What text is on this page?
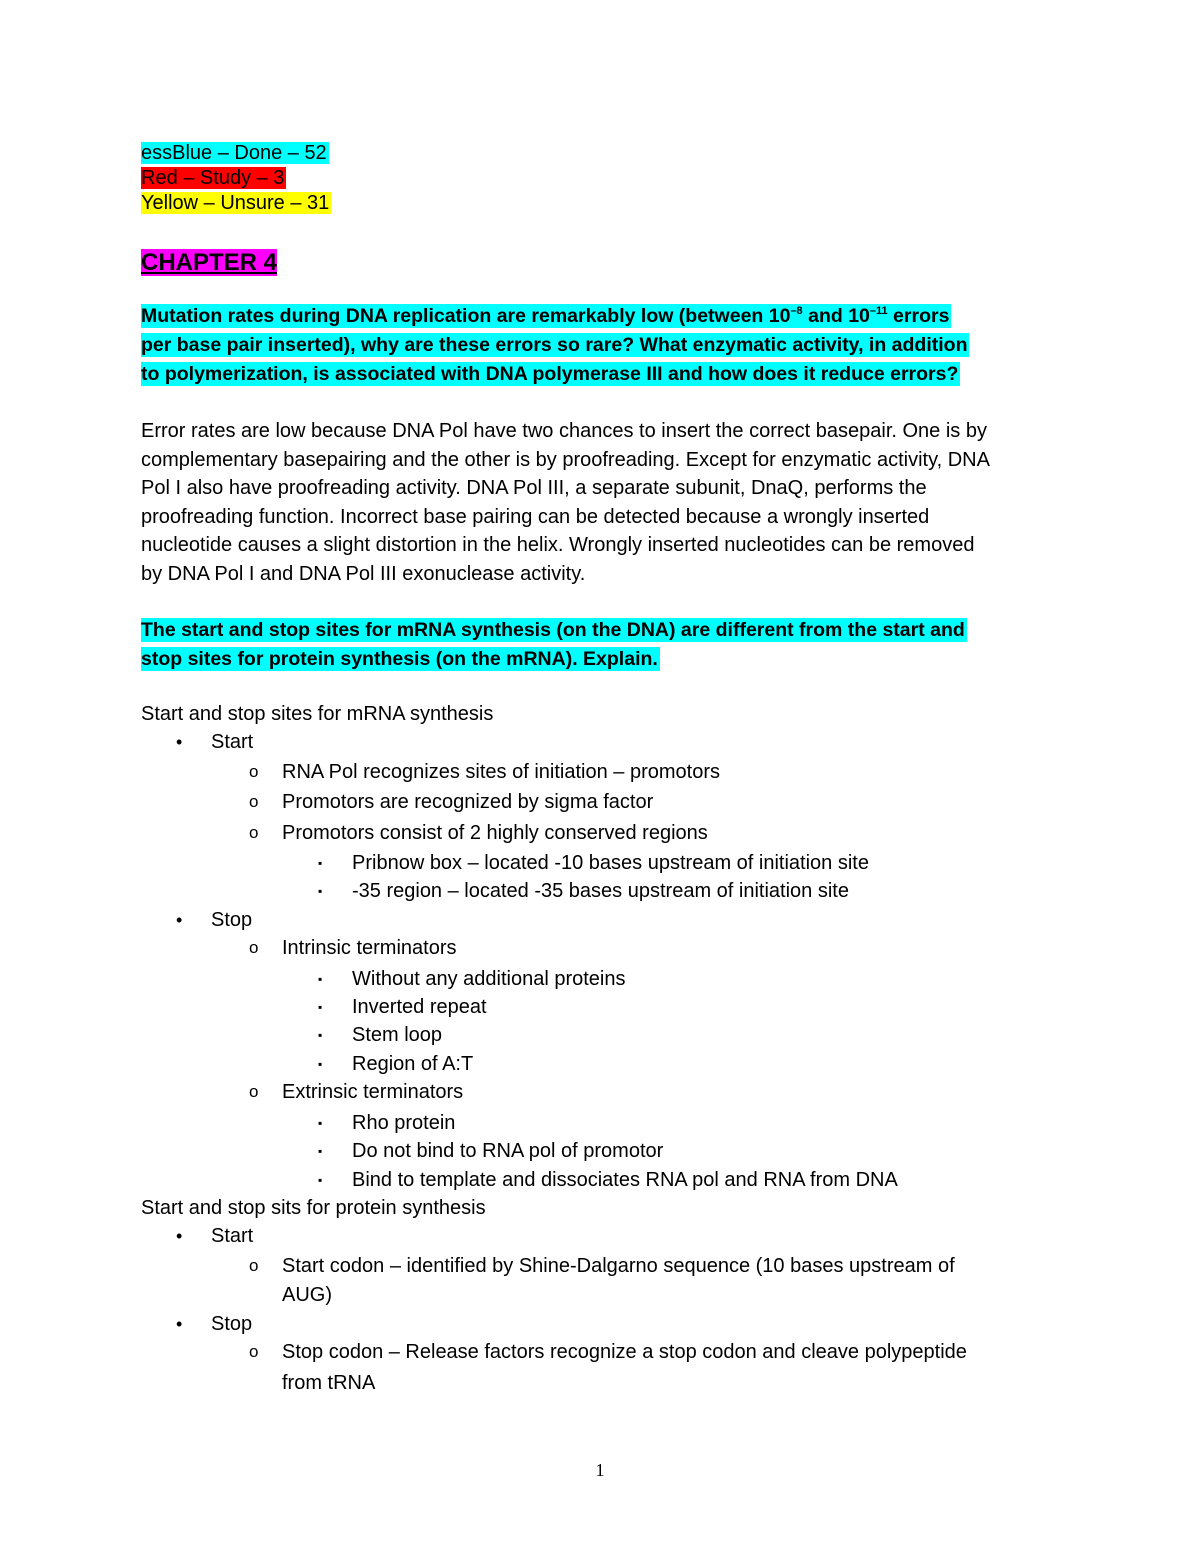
essBlue – Done – 52
Red – Study – 3
Yellow – Unsure – 31
CHAPTER 4
Mutation rates during DNA replication are remarkably low (between $10^{-8}$ and $10^{-11}$ errors
per base pair inserted), why are these errors so rare? What enzymatic activity, in addition
to polymerization, is associated with DNA polymerase III and how does it reduce errors?
Error rates are low because DNA Pol have two chances to insert the correct basepair. One is by
complementary basepairing and the other is by proofreading. Except for enzymatic activity, DNA
Pol I also have proofreading activity. DNA Pol III, a separate subunit, DnaQ, performs the
proofreading function. Incorrect base pairing can be detected because a wrongly inserted
nucleotide causes a slight distortion in the helix. Wrongly inserted nucleotides can be removed
by DNA Pol I and DNA Pol III exonuclease activity.
The start and stop sites for mRNA synthesis (on the DNA) are different from the start and
stop sites for protein synthesis (on the mRNA). Explain.
Start and stop sites for mRNA synthesis
• Start
o RNA Pol recognizes sites of initiation – promotors
o Promotors are recognized by sigma factor
o Promotors consist of 2 highly conserved regions
▪ Pribnow box – located -10 bases upstream of initiation site
▪ -35 region – located -35 bases upstream of initiation site
• Stop
o Intrinsic terminators
▪ Without any additional proteins
▪ Inverted repeat
▪ Stem loop
▪ Region of A:T
o Extrinsic terminators
▪ Rho protein
▪ Do not bind to RNA pol of promotor
▪ Bind to template and dissociates RNA pol and RNA from DNA
Start and stop sits for protein synthesis
• Start
o Start codon – identified by Shine-Dalgarno sequence (10 bases upstream of
AUG)
• Stop
o Stop codon – Release factors recognize a stop codon and cleave polypeptide
from tRNA
1
